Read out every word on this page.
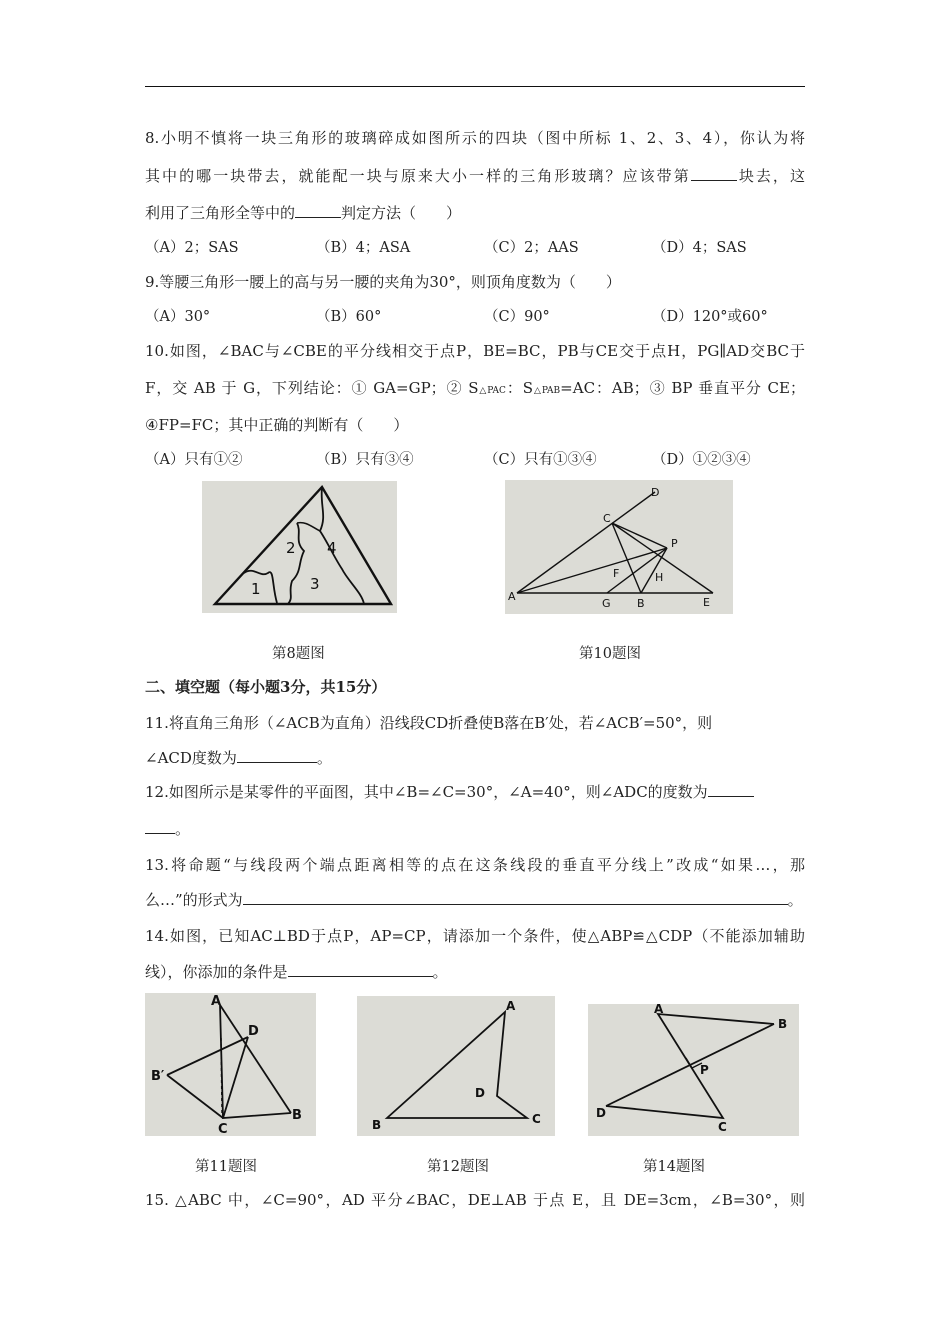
8.小明不慎将一块三角形的玻璃碎成如图所示的四块（图中所标 1、2、3、4），你认为将
其中的哪一块带去，就能配一块与原来大小一样的三角形玻璃？应该带第	块去，这
利用了三角形全等中的	判定方法（　　）
（A）2；SAS	（B）4；ASA	（C）2；AAS	（D）4；SAS
9.等腰三角形一腰上的高与另一腰的夹角为30°，则顶角度数为（　　）
（A）30°	（B）60°	（C）90°	（D）120°或60°
10.如图，∠BAC与∠CBE的平分线相交于点P，BE=BC，PB与CE交于点H，PG∥AD交BC于
F，交 AB 于 G，下列结论：① GA=GP；② S△PAC：S△PAB=AC：AB；③ BP 垂直平分 CE；
④FP=FC；其中正确的判断有（　　）
（A）只有①②	（B）只有③④	（C）只有①③④	（D）①②③④
1
2
3
4
第8题图
A
B
C
D
E
F
G
H
P
第10题图
二、填空题（每小题3分，共15分）
11.将直角三角形（∠ACB为直角）沿线段CD折叠使B落在B′处，若∠ACB′=50°，则
∠ACD度数为	。
12.如图所示是某零件的平面图，其中∠B=∠C=30°，∠A=40°，则∠ADC的度数为
。
13.将命题“与线段两个端点距离相等的点在这条线段的垂直平分线上”改成“如果…，那
么…”的形式为	。
14.如图，已知AC⊥BD于点P，AP=CP，请添加一个条件，使△ABP≌△CDP（不能添加辅助
线），你添加的条件是	。
A
B′
B
C
D
第11题图
A
B	C
D
第12题图
A
B
C
D
P
第14题图
15. △ABC 中，∠C=90°，AD 平分∠BAC，DE⊥AB 于点 E，且 DE=3cm，∠B=30°，则
